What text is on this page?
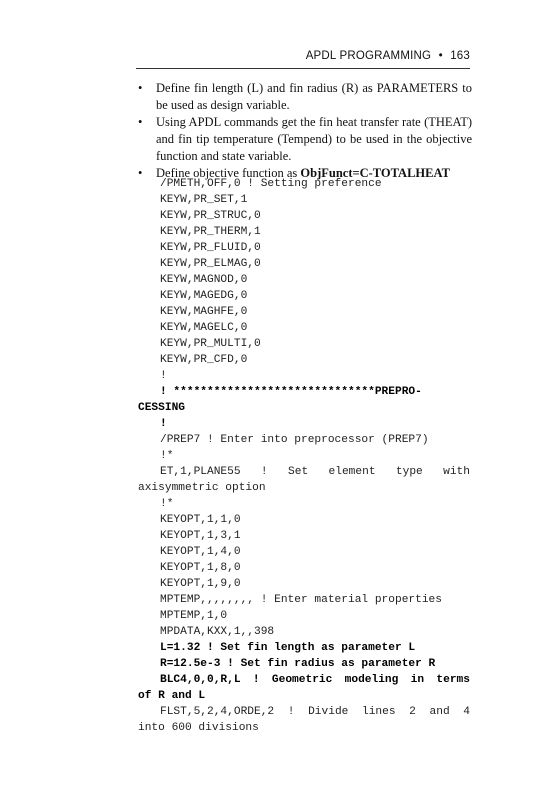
APDL PROGRAMMING • 163
• Define fin length (L) and fin radius (R) as PARAMETERS to be used as design variable.
• Using APDL commands get the fin heat transfer rate (THEAT) and fin tip temperature (Tempend) to be used in the objective function and state variable.
• Define objective function as ObjFunct=C-TOTALHEAT
/PMETH,OFF,0 ! Setting preference
KEYW,PR_SET,1
KEYW,PR_STRUC,0
KEYW,PR_THERM,1
KEYW,PR_FLUID,0
KEYW,PR_ELMAG,0
KEYW,MAGNOD,0
KEYW,MAGEDG,0
KEYW,MAGHFE,0
KEYW,MAGELC,0
KEYW,PR_MULTI,0
KEYW,PR_CFD,0
!
! ******************************PREPRO-
CESSING
!
/PREP7 ! Enter into preprocessor (PREP7)
!*
ET,1,PLANE55 ! Set element type with
axisymmetric option
!*
KEYOPT,1,1,0
KEYOPT,1,3,1
KEYOPT,1,4,0
KEYOPT,1,8,0
KEYOPT,1,9,0
MPTEMP,,,,,,,, ! Enter material properties
MPTEMP,1,0
MPDATA,KXX,1,,398
L=1.32 ! Set fin length as parameter L
R=12.5e-3 ! Set fin radius as parameter R
BLC4,0,0,R,L ! Geometric modeling in terms
of R and L
FLST,5,2,4,ORDE,2 ! Divide lines 2 and 4
into 600 divisions
